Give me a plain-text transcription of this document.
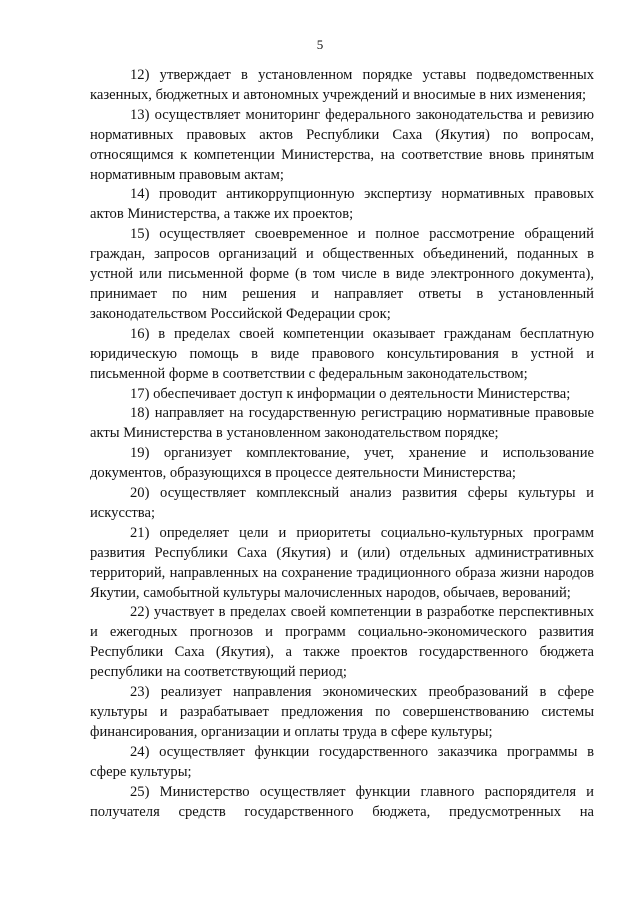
5

12) утверждает в установленном порядке уставы подведомственных казенных, бюджетных и автономных учреждений и вносимые в них изменения;

13) осуществляет мониторинг федерального законодательства и ревизию нормативных правовых актов Республики Саха (Якутия) по вопросам, относящимся к компетенции Министерства, на соответствие вновь принятым нормативным правовым актам;

14) проводит антикоррупционную экспертизу нормативных правовых актов Министерства, а также их проектов;

15) осуществляет своевременное и полное рассмотрение обращений граждан, запросов организаций и общественных объединений, поданных в устной или письменной форме (в том числе в виде электронного документа), принимает по ним решения и направляет ответы в установленный законодательством Российской Федерации срок;

16) в пределах своей компетенции оказывает гражданам бесплатную юридическую помощь в виде правового консультирования в устной и письменной форме в соответствии с федеральным законодательством;

17) обеспечивает доступ к информации о деятельности Министерства;

18) направляет на государственную регистрацию нормативные правовые акты Министерства в установленном законодательством порядке;

19) организует комплектование, учет, хранение и использование документов, образующихся в процессе деятельности Министерства;

20) осуществляет комплексный анализ развития сферы культуры и искусства;

21) определяет цели и приоритеты социально-культурных программ развития Республики Саха (Якутия) и (или) отдельных административных территорий, направленных на сохранение традиционного образа жизни народов Якутии, самобытной культуры малочисленных народов, обычаев, верований;

22) участвует в пределах своей компетенции в разработке перспективных и ежегодных прогнозов и программ социально-экономического развития Республики Саха (Якутия), а также проектов государственного бюджета республики на соответствующий период;

23) реализует направления экономических преобразований в сфере культуры и разрабатывает предложения по совершенствованию системы финансирования, организации и оплаты труда в сфере культуры;

24) осуществляет функции государственного заказчика программы в сфере культуры;

25) Министерство осуществляет функции главного распорядителя и получателя средств государственного бюджета, предусмотренных на
